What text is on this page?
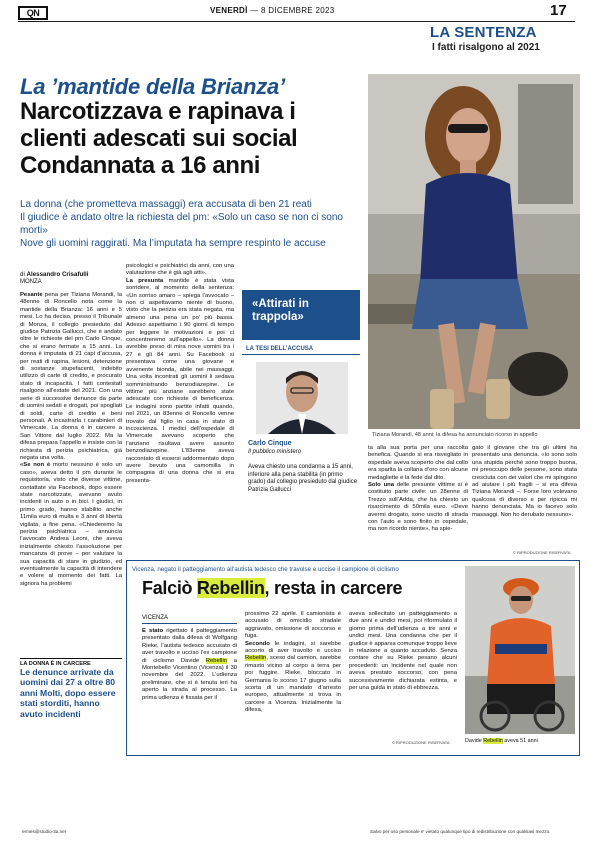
QN	VENERDÌ — 8 DICEMBRE 2023	17
LA SENTENZA
I fatti risalgono al 2021
La ’mantide della Brianza’
Narcotizzava e rapinava i clienti adescati sui social Condannata a 16 anni
La donna (che prometteva massaggi) era accusata di ben 21 reati
Il giudice è andato oltre la richiesta del pm: «Solo un caso se non ci sono morti»
Nove gli uomini raggirati. Ma l’imputata ha sempre respinto le accuse
Tiziana Morandi, 48 anni; la difesa ha annunciato ricorso in appello
di Alessandro Crisafulli
MONZA
Pesante pena per Tiziana Morandi, la 48enne di Roncello nota come la mantide della Brianza: 16 anni e 5 mesi. Lo ha deciso, presso il Tribunale di Monza, il collegio presieduto dal giudice Patrizia Gallucci, che è andato oltre le richieste del pm Carlo Cinque, che si erano fermate a 15 anni. La donna è imputata di 21 capi d’accusa, per reati di rapina, lesioni, detenzione di sostanze stupefacenti, indebito utilizzo di carte di credito, e procurato stato di incapacità. I fatti contestati risalgono all’estate del 2021. Con una serie di successive denunce da parte di uomini sedati e drogati, poi spogliati di soldi, carte di credito e beni personali. A incastrarla i carabinieri di Vimercate. La donna è in carcere a San Vittore dal luglio 2022. Ma la difesa prepara l’appello e insiste con la richiesta di perizia psichiatrica, già negata una volta.
«Se non è morto nessuno è solo un caso», aveva detto il pm durante le requisitoria, visto che diverse vittime, contattate via Facebook, dopo essere state narcotizzate, avevano avuto incidenti in auto o in bici. I giudici, in primo grado, hanno stabilito anche 11mila euro di multa e 3 anni di libertà vigilata, a fine pena. «Chiederemo la perizia psichiatrica – annuncia l’avvocato Andrea Leoni, che aveva inizialmente chiesto l’assoluzione per mancanza di prove – per valutare la sua capacità di stare in giudizio, ed eventualmente la capacità di intendere e volere al momento dei fatti. La signora ha problemi
psicologici e psichiatrici da anni, con una valutazione che è già agli atti».
La presunta mantide è stata vista sorridere, al momento della sentenza: «Un sorriso amaro – spiega l’avvocato – non ci aspettavamo niente di buono, visto che la perizia era stata negata, ma almeno una pena un po’ più bassa. Adesso aspettiamo i 90 giorni di tempo per leggere le motivazioni e poi ci concentreremo sull’appello». La donna avrebbe preso di mira nove uomini tra i 27 e gli 84 anni. Su Facebook si presentava come una giovane e avvenente bionda, abile nei massaggi. Una volta incontrati gli uomini li sedava somministrando benzodiazepine. Le vittime più anziane sarebbero state adescate con richieste di beneficenza. Le indagini sono partite infatti quando, nel 2021, un 83enne di Roncello venne trovato dal figlio in casa in stato di incoscienza. I medici dell’ospedale di Vimercate avevano scoperto che l’anziano risultava avere assunto benzodiazepine. L’83enne aveva raccontato di essersi addormentato dopo avere bevuto una camomilla in compagnia di una donna che si era presenta-
«Attirati in trappola»
LA TESI DELL’ACCUSA
Carlo Cinque
Il pubblico ministero
Aveva chiesto una condanna a 15 anni, inferiore alla pena stabilita (in primo grado) dal collegio presieduto dal giudice Patrizia Gallucci
ta alla sua porta per una raccolta benefica. Quando si era risvegliato in ospedale aveva scoperto che dal collo era sparita la collana d’oro con alcune medagliette e la fede dal dito.
Solo una delle presunte vittime si è costituito parte civile: un 28enne di Trezzo sull’Adda, che ha chiesto un risarcimento di 50mila euro. «Deve avermi drogato, sono uscito di strada con l’auto e sono finito in ospedale, ma non ricordo niente», ha spie-
gato il giovane che tra gli ultimi ha presentato una denuncia. «Io sono solo una stupida perché sono troppo buona, mi preoccupo delle persone, sono stata cresciuta con dei valori che mi spingono ad aiutare i più fragili – si era difesa Tiziana Morandi –. Forse loro volevano qualcosa di diverso e per ripicca mi hanno denunciata. Ma io facevo solo massaggi. Non ho derubato nessuno».
© RIPRODUZIONE RISERVATA
LA DONNA È IN CARCERE
Le denunce arrivate da uomini dai 27 a oltre 80 anni Molti, dopo essere stati storditi, hanno avuto incidenti
Vicenza, negato il patteggiamento all’autista tedesco che travolse e uccise il campione di ciclismo
Falciò Rebellin, resta in carcere
VICENZA
È stato rigettato il patteggiamento presentato dalla difesa di Wolfgang Rieke, l’autista tedesco accusato di aver travolto e ucciso l’ex campione di ciclismo Davide Rebellin a Montebello Vicentino (Vicenza) il 30 novembre del 2022. L’udienza preliminare, che si è tenuta ieri ha aperto la strada al processo. La prima udienza è fissata per il
prossimo 22 aprile. Il camionista è accusato di omicidio stradale aggravato, omissione di soccorso e fuga.
Secondo le indagini, si sarebbe accorto di aver travolto e ucciso Rebellin, sceso dal camion, sarebbe rimasto vicino al corpo a terra per poi fuggire. Rieke, bloccato in Germania lo scorso 17 giugno sulla scorta di un mandato d’arresto europeo, attualmente si trova in carcere a Vicenza. Inizialmente la difesa,
aveva sollecitato un patteggiamento a due anni e undici mesi, poi riformulato il giorno prima dell’udienza a tre anni e undici mesi. Una condanna che per il giudice è apparsa comunque troppo lieve in relazione a quanto accaduto. Senza contare che su Rieke pesano alcuni precedenti: un incidente nel quale non aveva prestato soccorso, con pena successivamente dichiarata estinta, e per una guida in stato di ebbrezza.
© RIPRODUZIONE RISERVATA	Davide Rebellin aveva 51 anni
ermes@studio-3a.net	Salvo per uso personale e' vietato qualunque tipo di redistribuzione con qualsiasi mezzo.
